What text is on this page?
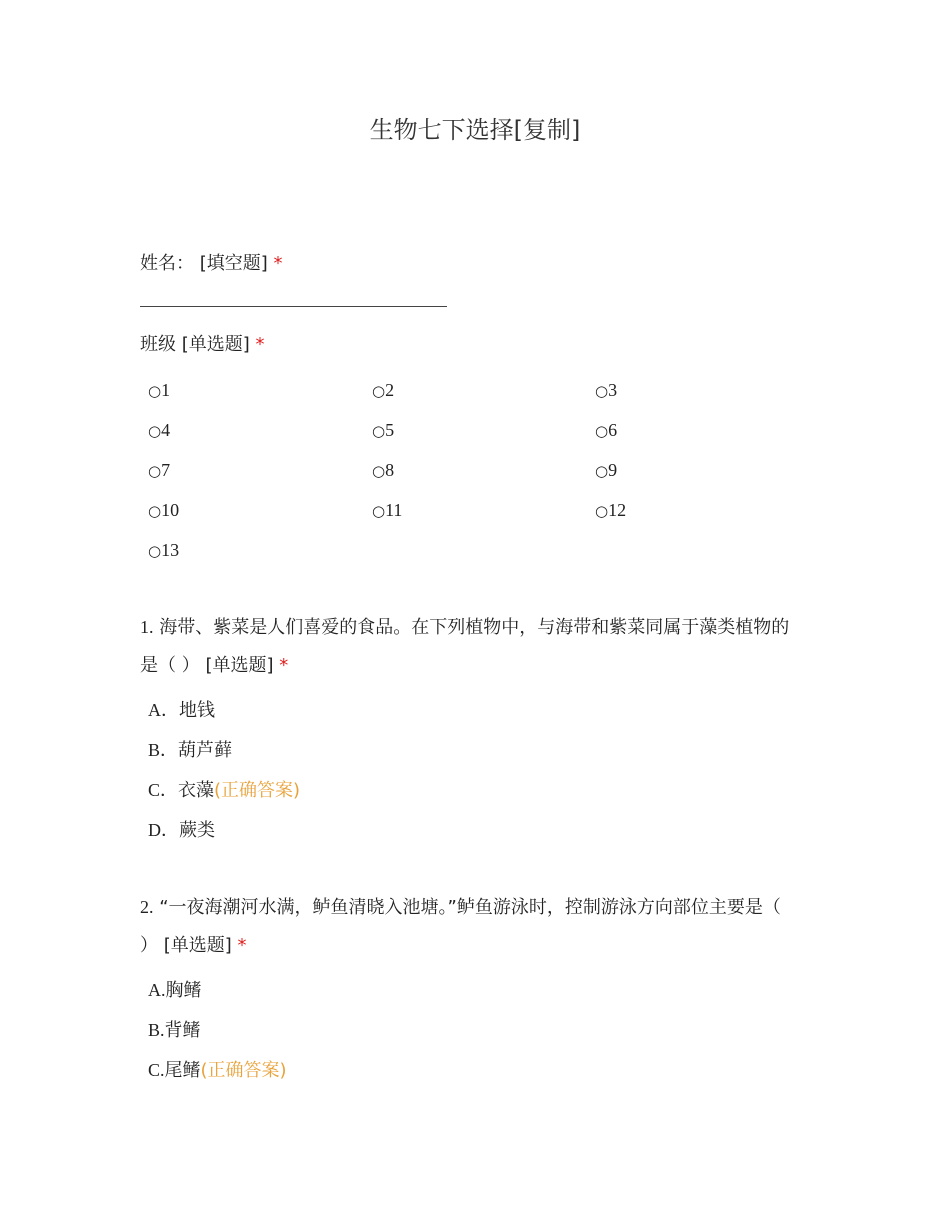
生物七下选择[复制]
姓名： [填空题] *
班级 [单选题] *
○1	○2	○3
○4	○5	○6
○7	○8	○9
○10	○11	○12
○13
1. 海带、紫菜是人们喜爱的食品。在下列植物中，与海带和紫菜同属于藻类植物的
是（ ） [单选题] *
A．地钱
B．葫芦藓
C．衣藻(正确答案)
D．蕨类
2. “一夜海潮河水满，鲈鱼清晓入池塘。”鲈鱼游泳时，控制游泳方向部位主要是（
） [单选题] *
A.胸鳍
B.背鳍
C.尾鳍(正确答案)
